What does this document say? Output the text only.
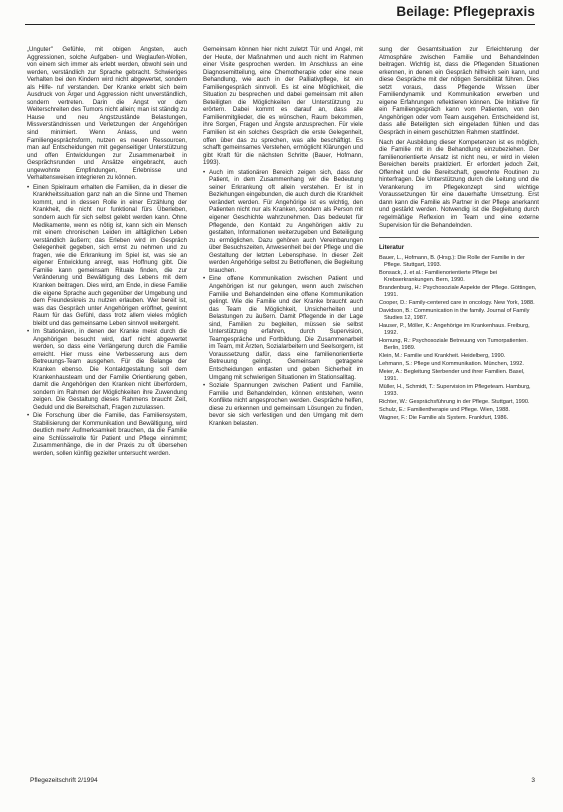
Beilage: Pflegepraxis

„Unguter" Gefühle, mit obigen Ängsten, auch Aggressionen, solche Aufgaben- und Weglaufen-Wollen, von einem sich immer als erlebt werden, obwohl sein und werden, verständlich zur Sprache gebracht. Schwieriges Verhalten bei den Kindern wird nicht abgewertet, sondern als Hilfe- ruf verstanden. Der Kranke erlebt sich beim Ausdruck von Ärger und Aggression nicht unverständlich, sondern vertreten. Darin die Angst vor dem Weiterschreiten des Tumors nicht allein; man ist ständig zu Hause und neu Angstzustände Belastungen, Missverständnissen und Verletzungen der Angehörigen sind minimiert. Wenn Anlass, und wenn Familiengesprächsform, nutzen es neuen Ressourcen, man auf Entscheidungen mit gegenseitiger Unterstützung und offen Entwicklungen zur Zusammenarbeit in Gesprächsrunden und Ansätze eingebracht, auch ungewohnte Empfindungen, Erlebnisse und Verhaltensweisen integrieren zu können.

• Einen Spielraum erhalten die Familien, da in dieser die Krankheitssituation ganz nah an die Sinne und Themen kommt, und in dessen Rolle in einer Erzählung der Krankheit, die nicht nur funktional fürs Überleben, sondern auch für sich selbst gelebt werden kann. Ohne Medikamente, wenn es nötig ist, kann sich ein Mensch mit einem chronischen Leiden im alltäglichen Leben verständlich äußern; das Erleben wird im Gespräch Gelegenheit gegeben, sich ernst zu nehmen und zu fragen, wie die Erkrankung im Spiel ist, was sie an eigener Entwicklung anregt, was Hoffnung gibt. Die Familie kann gemeinsam Rituale finden, die zur Veränderung und Bewältigung des Lebens mit dem Kranken beitragen. Dies wird, am Ende, in diese Familie die eigene Sprache auch gegenüber der Umgebung und dem Freundeskreis zu nutzen erlauben. Wer bereit ist, was das Gespräch unter Angehörigen eröffnet, gewinnt Raum für das Gefühl, dass trotz allem vieles möglich bleibt und das gemeinsame Leben sinnvoll weitergeht.

• Im Stationären, in denen der Kranke meist durch die Angehörigen besucht wird, darf nicht abgewertet werden, so dass eine Verlängerung durch die Familie erreicht. Hier muss eine Verbesserung aus dem Betreuungs-Team ausgehen. Für die Belange der Kranken ebenso. Die Kontaktgestaltung soll dem Krankenhausteam und der Familie Orientierung geben, damit die Angehörigen den Kranken nicht überfordern, sondern im Rahmen der Möglichkeiten ihre Zuwendung zeigen. Die Gestaltung dieses Rahmens braucht Zeit, Geduld und die Bereitschaft, Fragen zuzulassen.

• Die Forschung über die Familie, das Familiensystem, Stabilisierung der Kommunikation und Bewältigung, wird deutlich mehr Aufmerksamkeit brauchen, da die Familie eine Schlüsselrolle für Patient und Pflege einnimmt; Zusammenhänge, die in der Praxis zu oft übersehen werden, sollen künftig gezielter untersucht werden.

Gemeinsam können hier nicht zuletzt Tür und Angel, mit der Heute, der Maßnahmen und auch nicht im Rahmen einer Visite gesprochen werden. Im Anschluss an eine Diagnosemitteilung, eine Chemotherapie oder eine neue Behandlung, wie auch in der Palliativpflege, ist ein Familiengespräch sinnvoll. Es ist eine Möglichkeit, die Situation zu besprechen und dabei gemeinsam mit allen Beteiligten die Möglichkeiten der Unterstützung zu erörtern. Dabei kommt es darauf an, dass alle Familienmitglieder, die es wünschen, Raum bekommen, ihre Sorgen, Fragen und Ängste anzusprechen. Für viele Familien ist ein solches Gespräch die erste Gelegenheit, offen über das zu sprechen, was alle beschäftigt. Es schafft gemeinsames Verstehen, ermöglicht Klärungen und gibt Kraft für die nächsten Schritte (Bauer, Hofmann, 1993).

• Auch im stationären Bereich zeigen sich, dass der Patient, in dem Zusammenhang wir die Bedeutung seiner Erkrankung oft allein verstehen. Er ist in Beziehungen eingebunden, die auch durch die Krankheit verändert werden. Für Angehörige ist es wichtig, den Patienten nicht nur als Kranken, sondern als Person mit eigener Geschichte wahrzunehmen. Das bedeutet für Pflegende, den Kontakt zu Angehörigen aktiv zu gestalten, Informationen weiterzugeben und Beteiligung zu ermöglichen. Dazu gehören auch Vereinbarungen über Besuchszeiten, Anwesenheit bei der Pflege und die Gestaltung der letzten Lebensphase. In dieser Zeit werden Angehörige selbst zu Betroffenen, die Begleitung brauchen.

• Eine offene Kommunikation zwischen Patient und Angehörigen ist nur gelungen, wenn auch zwischen Familie und Behandelnden eine offene Kommunikation gelingt. Wie die Familie und der Kranke braucht auch das Team die Möglichkeit, Unsicherheiten und Belastungen zu äußern. Damit Pflegende in der Lage sind, Familien zu begleiten, müssen sie selbst Unterstützung erfahren, durch Supervision, Teamgespräche und Fortbildung. Die Zusammenarbeit im Team, mit Ärzten, Sozialarbeitern und Seelsorgern, ist Voraussetzung dafür, dass eine familienorientierte Betreuung gelingt. Gemeinsam getragene Entscheidungen entlasten und geben Sicherheit im Umgang mit schwierigen Situationen im Stationsalltag.

• Soziale Spannungen zwischen Patient und Familie, Familie und Behandelnden, können entstehen, wenn Konflikte nicht angesprochen werden. Gespräche helfen, diese zu erkennen und gemeinsam Lösungen zu finden, bevor sie sich verfestigen und den Umgang mit dem Kranken belasten.

sung der Gesamtsituation zur Erleichterung der Atmosphäre zwischen Familie und Behandelnden beitragen. Wichtig ist, dass die Pflegenden Situationen erkennen, in denen ein Gespräch hilfreich sein kann, und diese Gespräche mit der nötigen Sensibilität führen. Dies setzt voraus, dass Pflegende Wissen über Familiendynamik und Kommunikation erwerben und eigene Erfahrungen reflektieren können. Die Initiative für ein Familiengespräch kann vom Patienten, von den Angehörigen oder vom Team ausgehen. Entscheidend ist, dass alle Beteiligten sich eingeladen fühlen und das Gespräch in einem geschützten Rahmen stattfindet.

Nach der Ausbildung dieser Kompetenzen ist es möglich, die Familie mit in die Behandlung einzubeziehen. Der familienorientierte Ansatz ist nicht neu, er wird in vielen Bereichen bereits praktiziert. Er erfordert jedoch Zeit, Offenheit und die Bereitschaft, gewohnte Routinen zu hinterfragen. Die Unterstützung durch die Leitung und die Verankerung im Pflegekonzept sind wichtige Voraussetzungen für eine dauerhafte Umsetzung. Erst dann kann die Familie als Partner in der Pflege anerkannt und gestärkt werden. Notwendig ist die Begleitung durch regelmäßige Reflexion im Team und eine externe Supervision für die Behandelnden.

Literatur

Bauer, L., Hofmann, B. (Hrsg.): Die Rolle der Familie in der Pflege. Stuttgart, 1993.

Bonsack, J. et al.: Familienorientierte Pflege bei Krebserkrankungen. Bern, 1990.

Brandenburg, H.: Psychosoziale Aspekte der Pflege. Göttingen, 1991.

Cooper, D.: Family-centered care in oncology. New York, 1988.

Davidson, B.: Communication in the family. Journal of Family Studies 12, 1987.

Hauser, P., Möller, K.: Angehörige im Krankenhaus. Freiburg, 1992.

Hornung, R.: Psychosoziale Betreuung von Tumorpatienten. Berlin, 1989.

Klein, M.: Familie und Krankheit. Heidelberg, 1990.

Lehmann, S.: Pflege und Kommunikation. München, 1992.

Meier, A.: Begleitung Sterbender und ihrer Familien. Basel, 1991.

Müller, H., Schmidt, T.: Supervision im Pflegeteam. Hamburg, 1993.

Richter, W.: Gesprächsführung in der Pflege. Stuttgart, 1990.

Schulz, E.: Familientherapie und Pflege. Wien, 1988.

Wagner, F.: Die Familie als System. Frankfurt, 1986.

Pflegezeitschrift 2/1994	3
